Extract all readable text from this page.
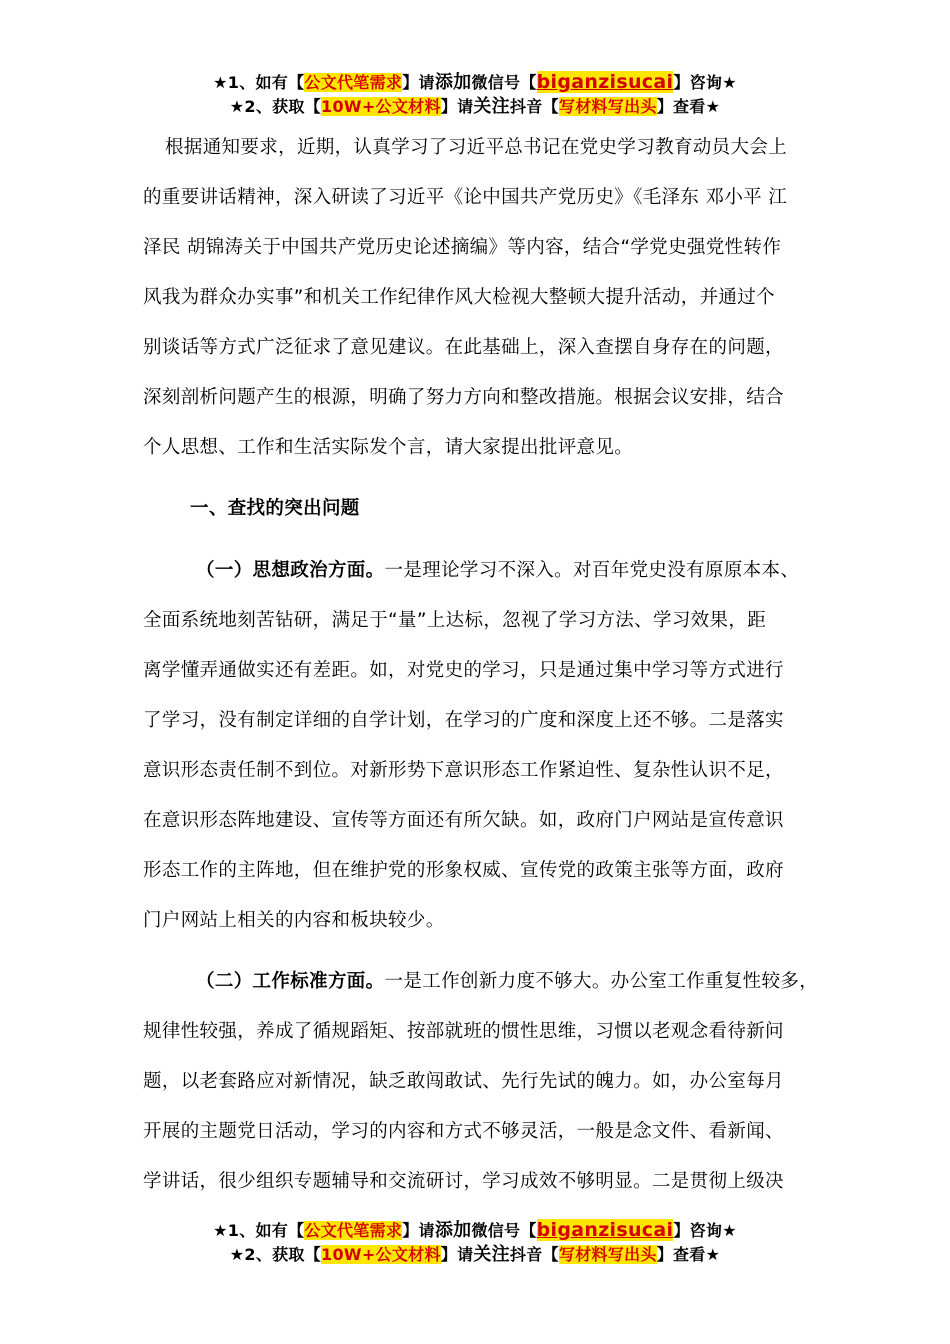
★1、如有【公文代笔需求】请添加微信号【biganzisucai】咨询★
★2、获取【10W+公文材料】请关注抖音【写材料写出头】查看★
根据通知要求，近期，认真学习了习近平总书记在党史学习教育动员大会上
的重要讲话精神，深入研读了习近平《论中国共产党历史》《毛泽东 邓小平 江
泽民 胡锦涛关于中国共产党历史论述摘编》等内容，结合“学党史强党性转作
风我为群众办实事”和机关工作纪律作风大检视大整顿大提升活动，并通过个
别谈话等方式广泛征求了意见建议。在此基础上，深入查摆自身存在的问题，
深刻剖析问题产生的根源，明确了努力方向和整改措施。根据会议安排，结合
个人思想、工作和生活实际发个言，请大家提出批评意见。
一、查找的突出问题
（一）思想政治方面。一是理论学习不深入。对百年党史没有原原本本、
全面系统地刻苦钻研，满足于“量”上达标，忽视了学习方法、学习效果，距
离学懂弄通做实还有差距。如，对党史的学习，只是通过集中学习等方式进行
了学习，没有制定详细的自学计划，在学习的广度和深度上还不够。二是落实
意识形态责任制不到位。对新形势下意识形态工作紧迫性、复杂性认识不足，
在意识形态阵地建设、宣传等方面还有所欠缺。如，政府门户网站是宣传意识
形态工作的主阵地，但在维护党的形象权威、宣传党的政策主张等方面，政府
门户网站上相关的内容和板块较少。
（二）工作标准方面。一是工作创新力度不够大。办公室工作重复性较多，
规律性较强，养成了循规蹈矩、按部就班的惯性思维，习惯以老观念看待新问
题，以老套路应对新情况，缺乏敢闯敢试、先行先试的魄力。如，办公室每月
开展的主题党日活动，学习的内容和方式不够灵活，一般是念文件、看新闻、
学讲话，很少组织专题辅导和交流研讨，学习成效不够明显。二是贯彻上级决
★1、如有【公文代笔需求】请添加微信号【biganzisucai】咨询★
★2、获取【10W+公文材料】请关注抖音【写材料写出头】查看★
